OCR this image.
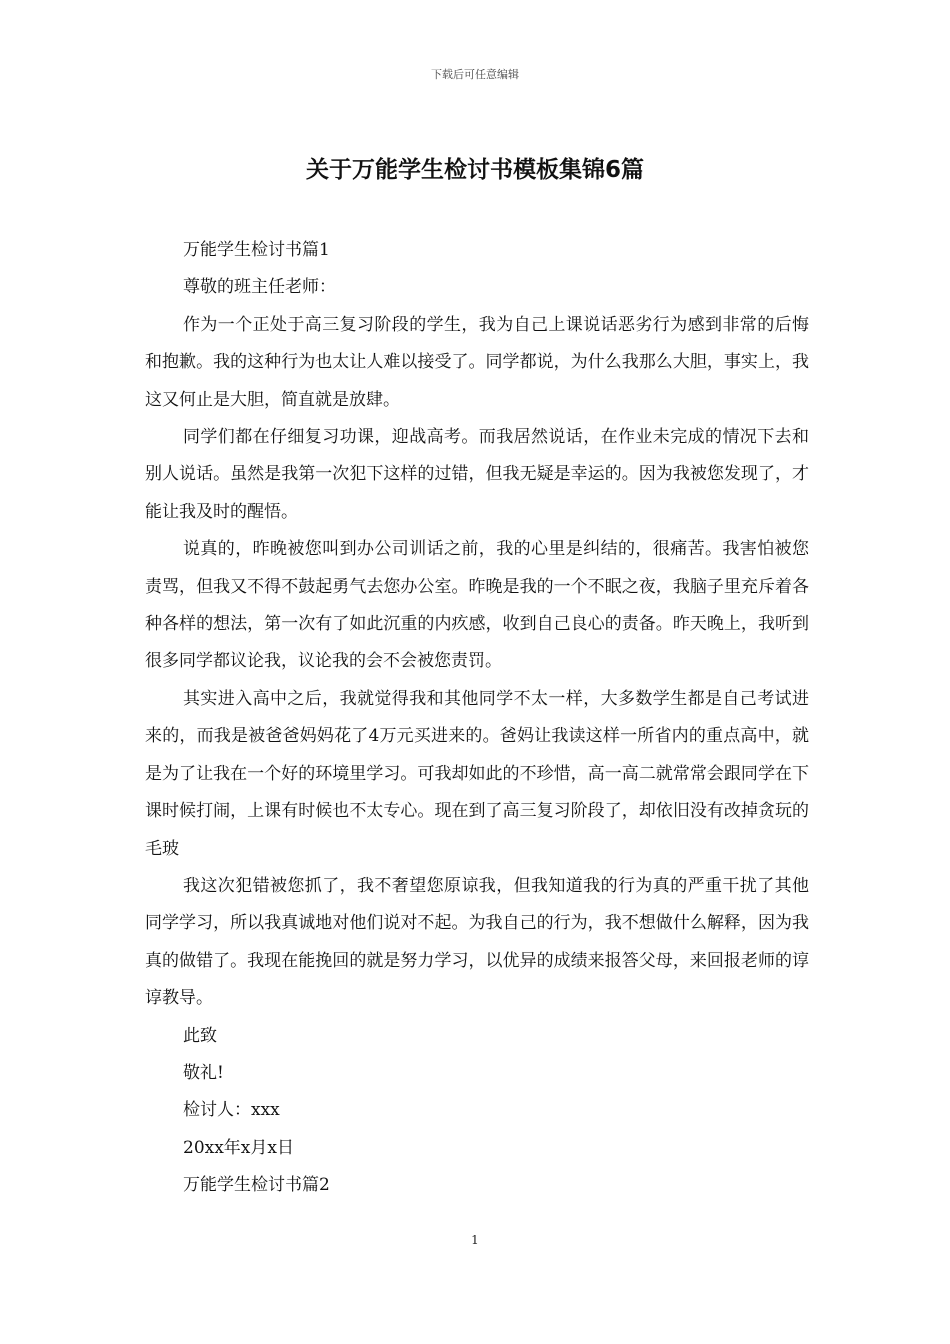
下载后可任意编辑
关于万能学生检讨书模板集锦6篇

万能学生检讨书篇1

尊敬的班主任老师：

作为一个正处于高三复习阶段的学生，我为自己上课说话恶劣行为感到非常的后悔和抱歉。我的这种行为也太让人难以接受了。同学都说，为什么我那么大胆，事实上，我这又何止是大胆，简直就是放肆。

同学们都在仔细复习功课，迎战高考。而我居然说话，在作业未完成的情况下去和别人说话。虽然是我第一次犯下这样的过错，但我无疑是幸运的。因为我被您发现了，才能让我及时的醒悟。

说真的，昨晚被您叫到办公司训话之前，我的心里是纠结的，很痛苦。我害怕被您责骂，但我又不得不鼓起勇气去您办公室。昨晚是我的一个不眠之夜，我脑子里充斥着各种各样的想法，第一次有了如此沉重的内疚感，收到自己良心的责备。昨天晚上，我听到很多同学都议论我，议论我的会不会被您责罚。

其实进入高中之后，我就觉得我和其他同学不太一样，大多数学生都是自己考试进来的，而我是被爸爸妈妈花了4万元买进来的。爸妈让我读这样一所省内的重点高中，就是为了让我在一个好的环境里学习。可我却如此的不珍惜，高一高二就常常会跟同学在下课时候打闹，上课有时候也不太专心。现在到了高三复习阶段了，却依旧没有改掉贪玩的毛玻

我这次犯错被您抓了，我不奢望您原谅我，但我知道我的行为真的严重干扰了其他同学学习，所以我真诚地对他们说对不起。为我自己的行为，我不想做什么解释，因为我真的做错了。我现在能挽回的就是努力学习，以优异的成绩来报答父母，来回报老师的谆谆教导。

此致

敬礼!

检讨人：xxx

20xx年x月x日

万能学生检讨书篇2

1
